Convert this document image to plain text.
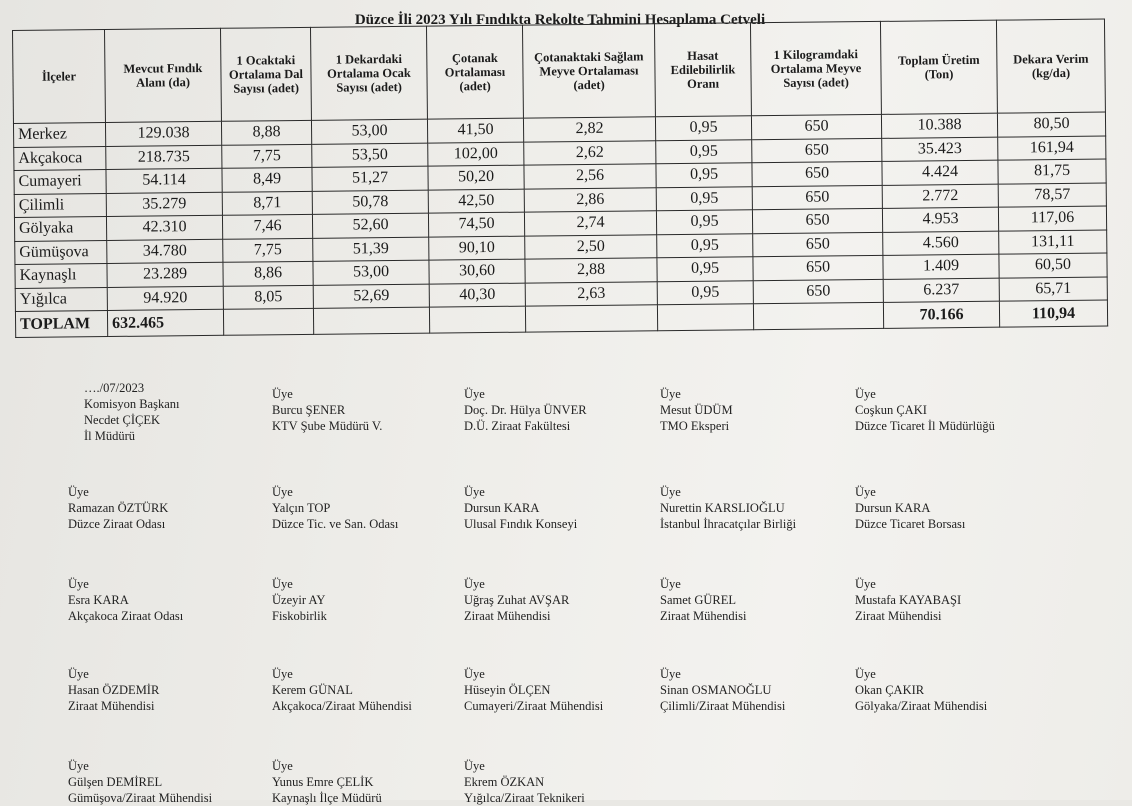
Düzce İli 2023 Yılı Fındıkta Rekolte Tahmini Hesaplama Cetveli
İlçeler	Mevcut Fındık Alanı (da)	1 Ocaktaki Ortalama Dal Sayısı (adet)	1 Dekardaki Ortalama Ocak Sayısı (adet)	Çotanak Ortalaması (adet)	Çotanaktaki Sağlam Meyve Ortalaması (adet)	Hasat Edilebilirlik Oranı	1 Kilogramdaki Ortalama Meyve Sayısı (adet)	Toplam Üretim (Ton)	Dekara Verim (kg/da)
Merkez	129.038	8,88	53,00	41,50	2,82	0,95	650	10.388	80,50
Akçakoca	218.735	7,75	53,50	102,00	2,62	0,95	650	35.423	161,94
Cumayeri	54.114	8,49	51,27	50,20	2,56	0,95	650	4.424	81,75
Çilimli	35.279	8,71	50,78	42,50	2,86	0,95	650	2.772	78,57
Gölyaka	42.310	7,46	52,60	74,50	2,74	0,95	650	4.953	117,06
Gümüşova	34.780	7,75	51,39	90,10	2,50	0,95	650	4.560	131,11
Kaynaşlı	23.289	8,86	53,00	30,60	2,88	0,95	650	1.409	60,50
Yığılca	94.920	8,05	52,69	40,30	2,63	0,95	650	6.237	65,71
TOPLAM	632.465							70.166	110,94
…./07/2023
Komisyon Başkanı
Necdet ÇİÇEK
İl Müdürü
Üye
Burcu ŞENER
KTV Şube Müdürü V.
Üye
Doç. Dr. Hülya ÜNVER
D.Ü. Ziraat Fakültesi
Üye
Mesut ÜDÜM
TMO Eksperi
Üye
Coşkun ÇAKI
Düzce Ticaret İl Müdürlüğü
Üye
Ramazan ÖZTÜRK
Düzce Ziraat Odası
Üye
Yalçın TOP
Düzce Tic. ve San. Odası
Üye
Dursun KARA
Ulusal Fındık Konseyi
Üye
Nurettin KARSLIOĞLU
İstanbul İhracatçılar Birliği
Üye
Dursun KARA
Düzce Ticaret Borsası
Üye
Esra KARA
Akçakoca Ziraat Odası
Üye
Üzeyir AY
Fiskobirlik
Üye
Uğraş Zuhat AVŞAR
Ziraat Mühendisi
Üye
Samet GÜREL
Ziraat Mühendisi
Üye
Mustafa KAYABAŞI
Ziraat Mühendisi
Üye
Hasan ÖZDEMİR
Ziraat Mühendisi
Üye
Kerem GÜNAL
Akçakoca/Ziraat Mühendisi
Üye
Hüseyin ÖLÇEN
Cumayeri/Ziraat Mühendisi
Üye
Sinan OSMANOĞLU
Çilimli/Ziraat Mühendisi
Üye
Okan ÇAKIR
Gölyaka/Ziraat Mühendisi
Üye
Gülşen DEMİREL
Gümüşova/Ziraat Mühendisi
Üye
Yunus Emre ÇELİK
Kaynaşlı İlçe Müdürü
Üye
Ekrem ÖZKAN
Yığılca/Ziraat Teknikeri
